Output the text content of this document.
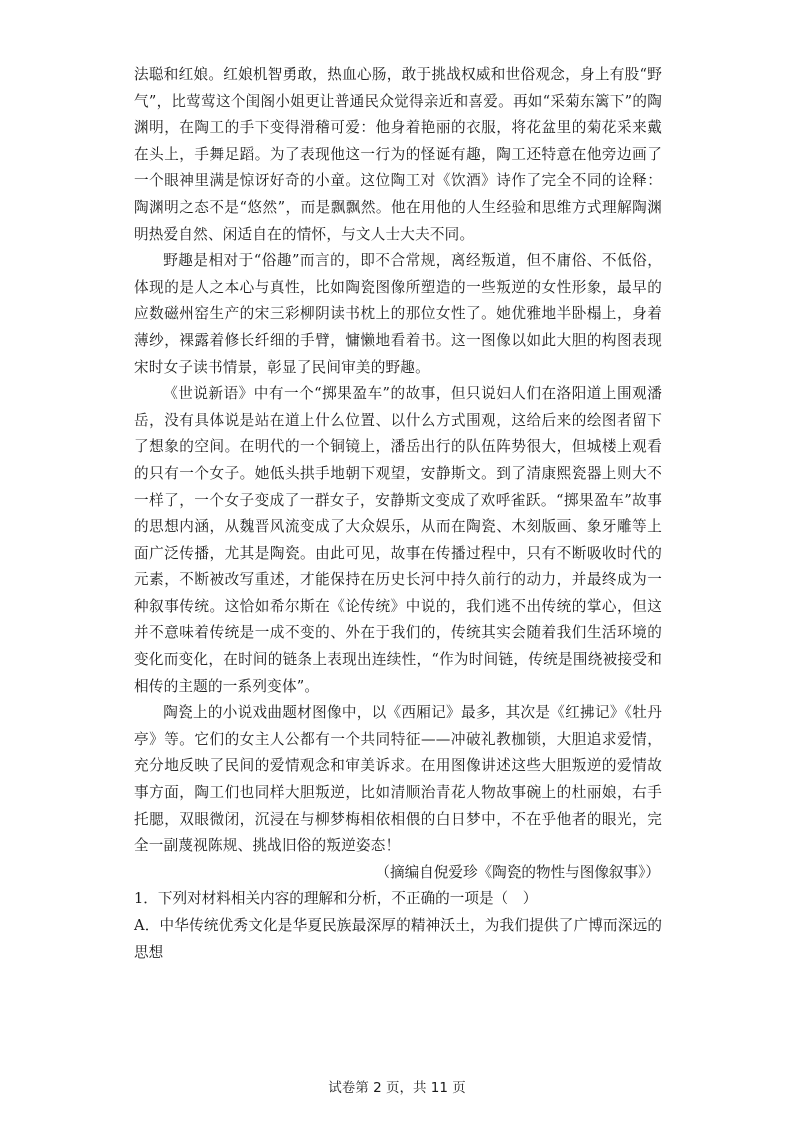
法聪和红娘。红娘机智勇敢，热血心肠，敢于挑战权威和世俗观念，身上有股“野气”，比莺莺这个闺阁小姐更让普通民众觉得亲近和喜爱。再如“采菊东篱下”的陶渊明，在陶工的手下变得滑稽可爱：他身着艳丽的衣服，将花盆里的菊花采来戴在头上，手舞足蹈。为了表现他这一行为的怪诞有趣，陶工还特意在他旁边画了一个眼神里满是惊讶好奇的小童。这位陶工对《饮酒》诗作了完全不同的诠释：陶渊明之态不是“悠然”，而是飘飘然。他在用他的人生经验和思维方式理解陶渊明热爱自然、闲适自在的情怀，与文人士大夫不同。

野趣是相对于“俗趣”而言的，即不合常规，离经叛道，但不庸俗、不低俗，体现的是人之本心与真性，比如陶瓷图像所塑造的一些叛逆的女性形象，最早的应数磁州窑生产的宋三彩柳阴读书枕上的那位女性了。她优雅地半卧榻上，身着薄纱，裸露着修长纤细的手臂，慵懒地看着书。这一图像以如此大胆的构图表现宋时女子读书情景，彰显了民间审美的野趣。

《世说新语》中有一个“掷果盈车”的故事，但只说妇人们在洛阳道上围观潘岳，没有具体说是站在道上什么位置、以什么方式围观，这给后来的绘图者留下了想象的空间。在明代的一个铜镜上，潘岳出行的队伍阵势很大，但城楼上观看的只有一个女子。她低头拱手地朝下观望，安静斯文。到了清康熙瓷器上则大不一样了，一个女子变成了一群女子，安静斯文变成了欢呼雀跃。“掷果盈车”故事的思想内涵，从魏晋风流变成了大众娱乐，从而在陶瓷、木刻版画、象牙雕等上面广泛传播，尤其是陶瓷。由此可见，故事在传播过程中，只有不断吸收时代的元素，不断被改写重述，才能保持在历史长河中持久前行的动力，并最终成为一种叙事传统。这恰如希尔斯在《论传统》中说的，我们逃不出传统的掌心，但这并不意味着传统是一成不变的、外在于我们的，传统其实会随着我们生活环境的变化而变化，在时间的链条上表现出连续性，“作为时间链，传统是围绕被接受和相传的主题的一系列变体”。

陶瓷上的小说戏曲题材图像中，以《西厢记》最多，其次是《红拂记》《牡丹亭》等。它们的女主人公都有一个共同特征——冲破礼教枷锁，大胆追求爱情，充分地反映了民间的爱情观念和审美诉求。在用图像讲述这些大胆叛逆的爱情故事方面，陶工们也同样大胆叛逆，比如清顺治青花人物故事碗上的杜丽娘，右手托腮，双眼微闭，沉浸在与柳梦梅相依相偎的白日梦中，不在乎他者的眼光，完全一副蔑视陈规、挑战旧俗的叛逆姿态！

（摘编自倪爱珍《陶瓷的物性与图像叙事》）

1．下列对材料相关内容的理解和分析，不正确的一项是（　）

A．中华传统优秀文化是华夏民族最深厚的精神沃土，为我们提供了广博而深远的思想

试卷第 2 页，共 11 页
